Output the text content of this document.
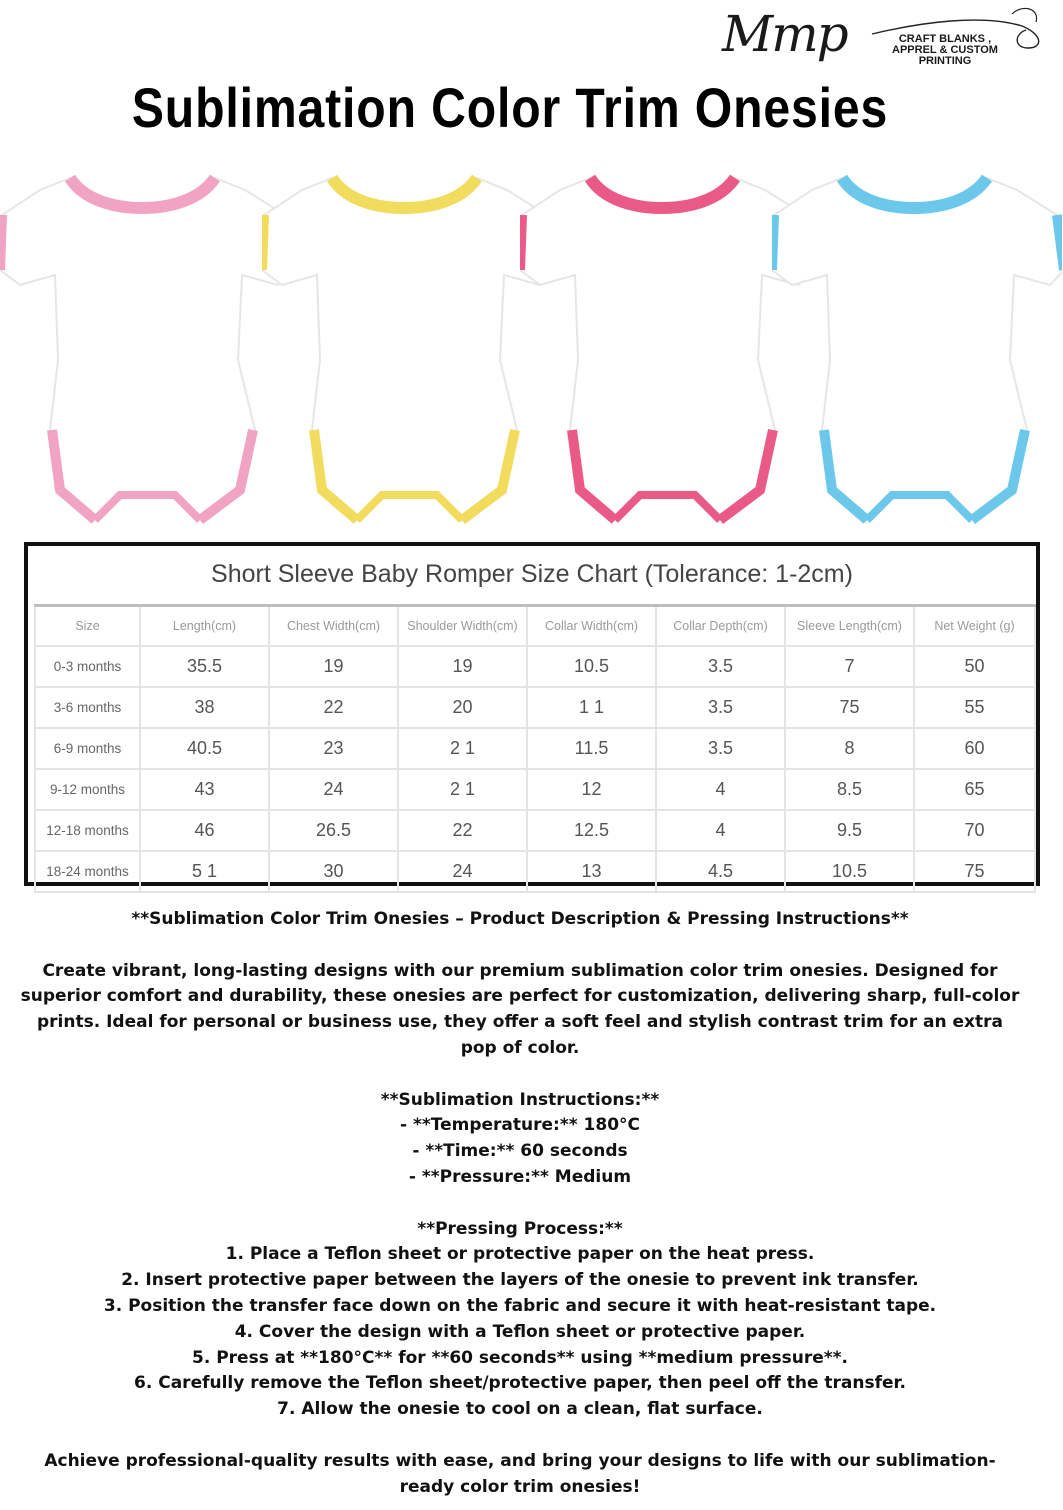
Mmp	CRAFT BLANKS , APPREL & CUSTOM PRINTING
Sublimation Color Trim Onesies
Short Sleeve Baby Romper Size Chart (Tolerance: 1-2cm)
Size	Length(cm)	Chest Width(cm)	Shoulder Width(cm)	Collar Width(cm)	Collar Depth(cm)	Sleeve Length(cm)	Net Weight (g)
0-3 months	35.5	19	19	10.5	3.5	7	50
3-6 months	38	22	20	1 1	3.5	75	55
6-9 months	40.5	23	2 1	11.5	3.5	8	60
9-12 months	43	24	2 1	12	4	8.5	65
12-18 months	46	26.5	22	12.5	4	9.5	70
18-24 months	5 1	30	24	13	4.5	10.5	75

**Sublimation Color Trim Onesies – Product Description & Pressing Instructions**

Create vibrant, long-lasting designs with our premium sublimation color trim onesies. Designed for superior comfort and durability, these onesies are perfect for customization, delivering sharp, full-color prints. Ideal for personal or business use, they offer a soft feel and stylish contrast trim for an extra pop of color.

**Sublimation Instructions:**

- **Temperature:** 180°C

- **Time:** 60 seconds

- **Pressure:** Medium

**Pressing Process:**

1. Place a Teflon sheet or protective paper on the heat press.

2. Insert protective paper between the layers of the onesie to prevent ink transfer.

3. Position the transfer face down on the fabric and secure it with heat-resistant tape.

4. Cover the design with a Teflon sheet or protective paper.

5. Press at **180°C** for **60 seconds** using **medium pressure**.

6. Carefully remove the Teflon sheet/protective paper, then peel off the transfer.

7. Allow the onesie to cool on a clean, flat surface.

Achieve professional-quality results with ease, and bring your designs to life with our sublimation-ready color trim onesies!
